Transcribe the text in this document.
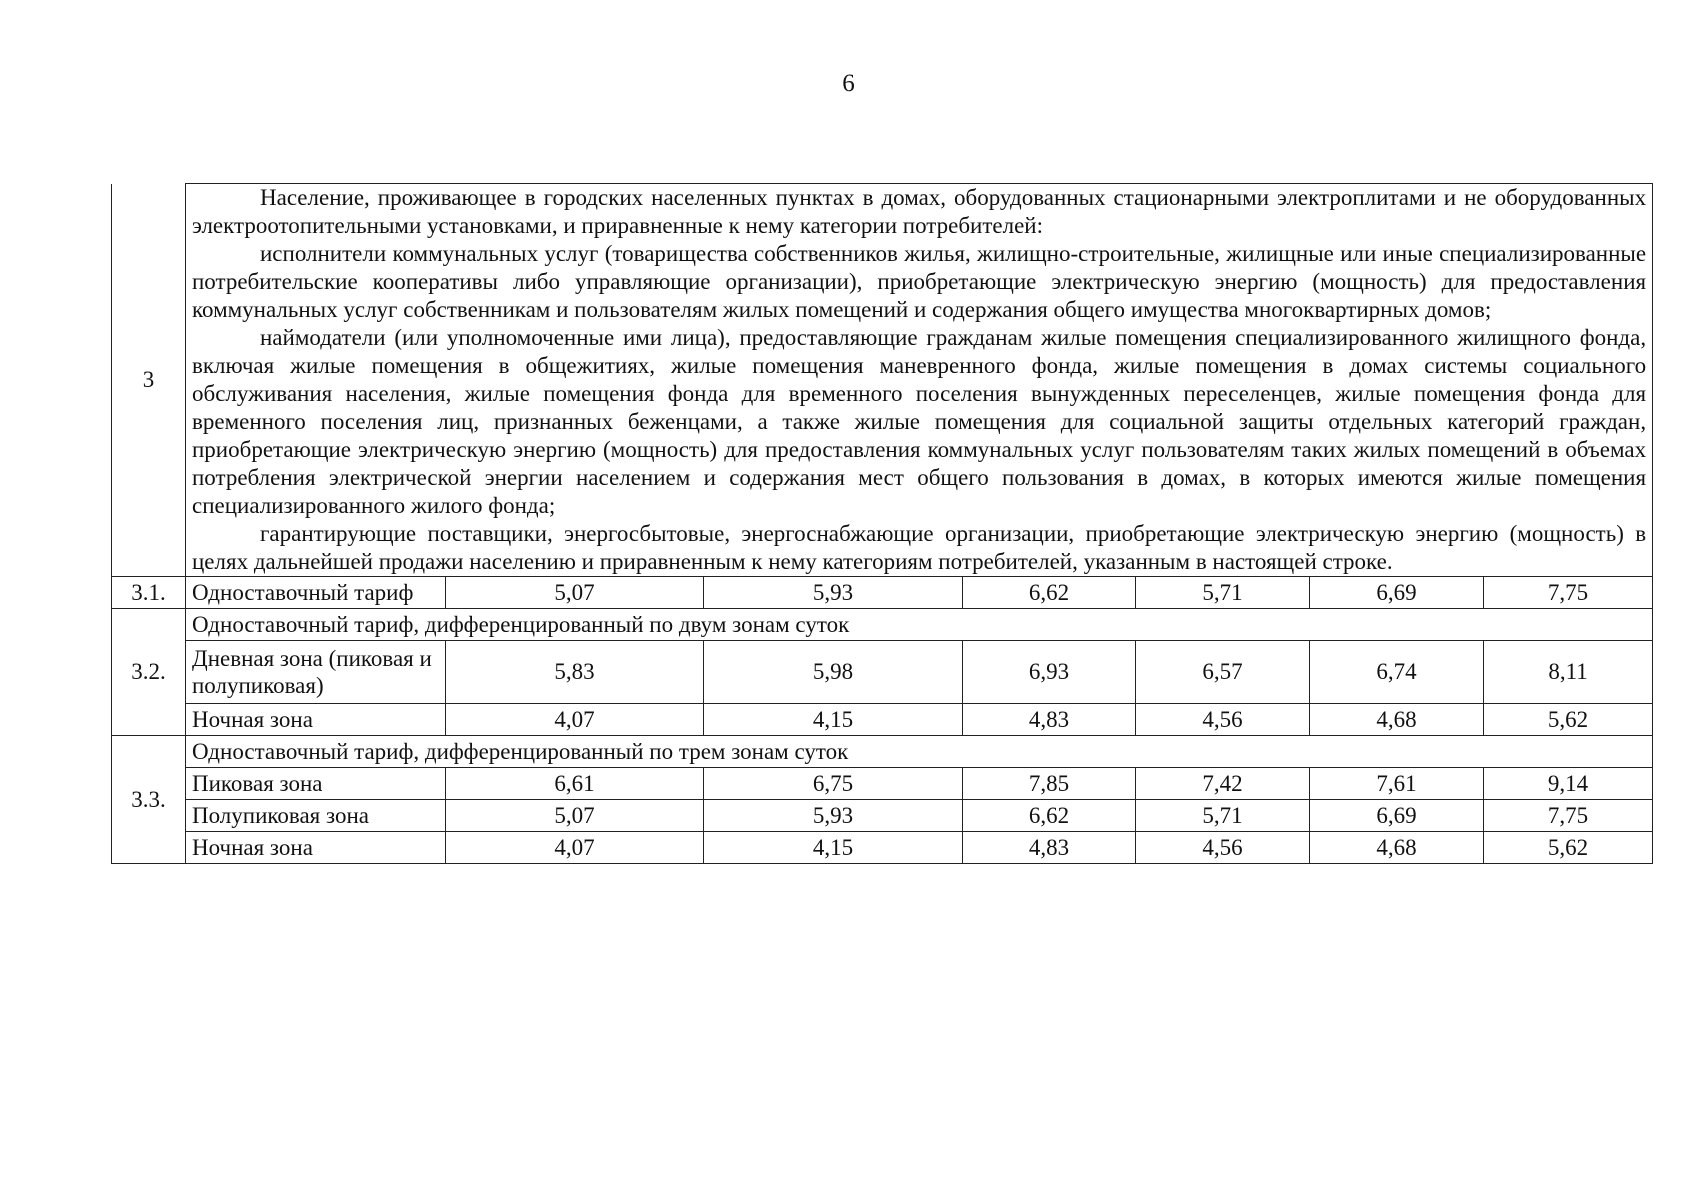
6
3	Население, проживающее в городских населенных пунктах в домах, оборудованных стационарными электроплитами и не оборудованных электроотопительными установками, и приравненные к нему категории потребителей:

исполнители коммунальных услуг (товарищества собственников жилья, жилищно-строительные, жилищные или иные специализированные потребительские кооперативы либо управляющие организации), приобретающие электрическую энергию (мощность) для предоставления коммунальных услуг собственникам и пользователям жилых помещений и содержания общего имущества многоквартирных домов;

наймодатели (или уполномоченные ими лица), предоставляющие гражданам жилые помещения специализированного жилищного фонда, включая жилые помещения в общежитиях, жилые помещения маневренного фонда, жилые помещения в домах системы социального обслуживания населения, жилые помещения фонда для временного поселения вынужденных переселенцев, жилые помещения фонда для временного поселения лиц, признанных беженцами, а также жилые помещения для социальной защиты отдельных категорий граждан, приобретающие электрическую энергию (мощность) для предоставления коммунальных услуг пользователям таких жилых помещений в объемах потребления электрической энергии населением и содержания мест общего пользования в домах, в которых имеются жилые помещения специализированного жилого фонда;

гарантирующие поставщики, энергосбытовые, энергоснабжающие организации, приобретающие электрическую энергию (мощность) в целях дальнейшей продажи населению и приравненным к нему категориям потребителей, указанным в настоящей строке.						

3.1.	Одноставочный тариф	5,07	5,93	6,62	5,71	6,69	7,75
3.2.	Одноставочный тариф, дифференцированный по двум зонам суток						
	Дневная зона (пиковая и полупиковая)	5,83	5,98	6,93	6,57	6,74	8,11
	Ночная зона	4,07	4,15	4,83	4,56	4,68	5,62
3.3.	Одноставочный тариф, дифференцированный по трем зонам суток						
	Пиковая зона	6,61	6,75	7,85	7,42	7,61	9,14
	Полупиковая зона	5,07	5,93	6,62	5,71	6,69	7,75
	Ночная зона	4,07	4,15	4,83	4,56	4,68	5,62
